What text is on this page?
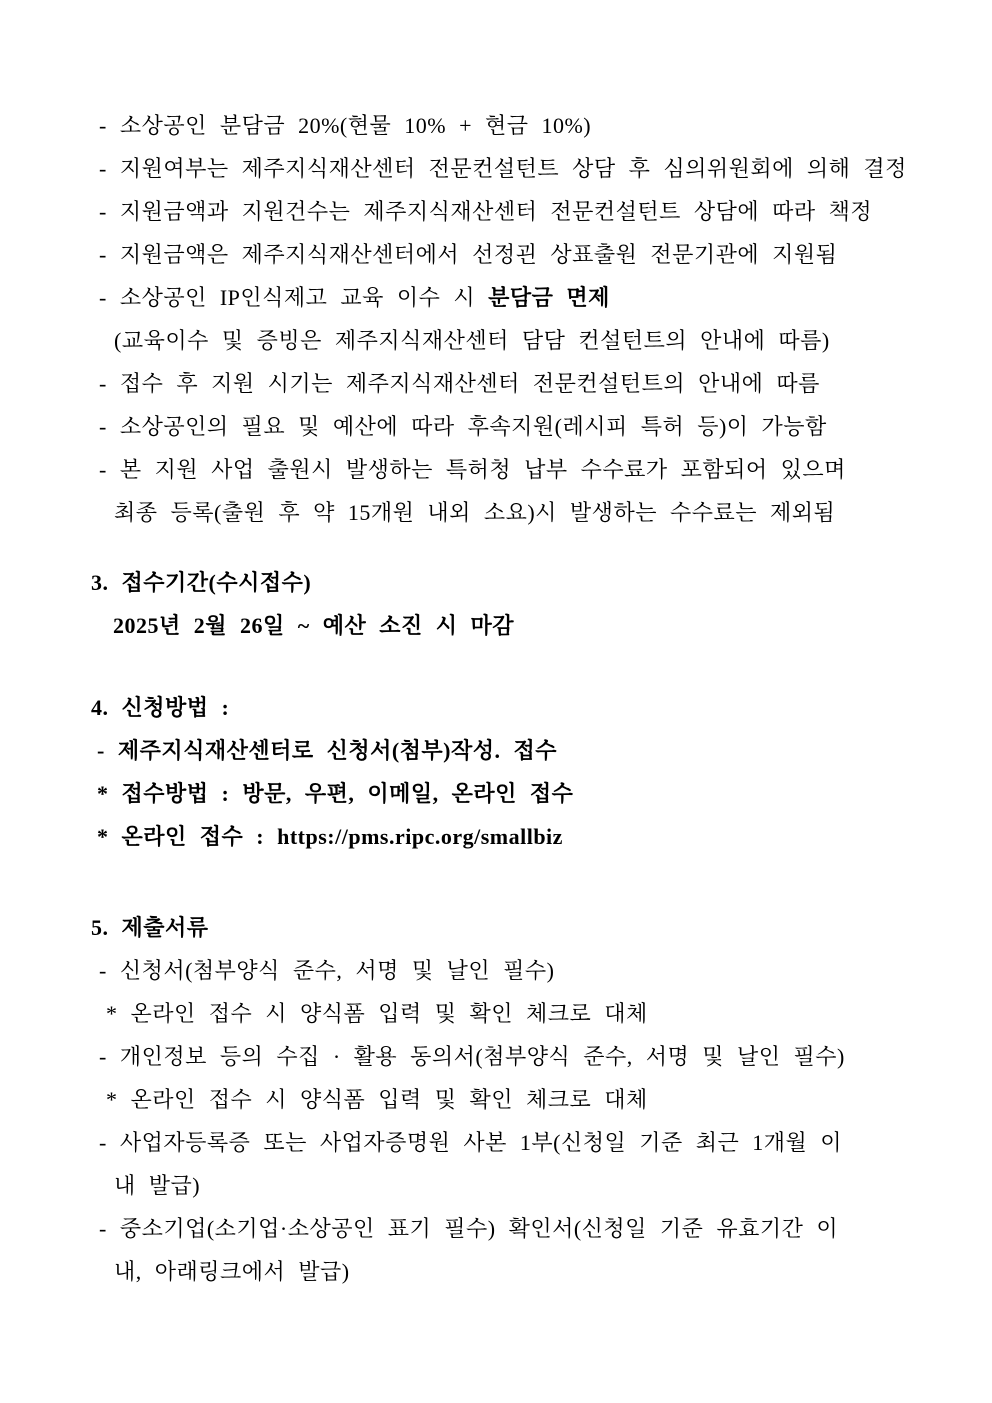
- 소상공인 분담금 20%(현물 10% + 현금 10%)
- 지원여부는 제주지식재산센터 전문컨설턴트 상담 후 심의위원회에 의해 결정
- 지원금액과 지원건수는 제주지식재산센터 전문컨설턴트 상담에 따라 책정
- 지원금액은 제주지식재산센터에서 선정괸 상표출원 전문기관에 지원됨
- 소상공인 IP인식제고 교육 이수 시 분담금 면제
(교육이수 및 증빙은 제주지식재산센터 담담 컨설턴트의 안내에 따름)
- 접수 후 지원 시기는 제주지식재산센터 전문컨설턴트의 안내에 따름
- 소상공인의 필요 및 예산에 따라 후속지원(레시피 특허 등)이 가능함
- 본 지원 사업 출원시 발생하는 특허청 납부 수수료가 포함되어 있으며
최종 등록(출원 후 약 15개원 내외 소요)시 발생하는 수수료는 제외됨
3. 접수기간(수시접수)
2025년 2월 26일 ~ 예산 소진 시 마감
4. 신청방법 :
- 제주지식재산센터로 신청서(첨부)작성. 접수
* 접수방법 : 방문, 우편, 이메일, 온라인 접수
* 온라인 접수 : https://pms.ripc.org/smallbiz
5. 제출서류
- 신청서(첨부양식 준수, 서명 및 날인 필수)
* 온라인 접수 시 양식폼 입력 및 확인 체크로 대체
- 개인정보 등의 수집 · 활용 동의서(첨부양식 준수, 서명 및 날인 필수)
* 온라인 접수 시 양식폼 입력 및 확인 체크로 대체
- 사업자등록증 또는 사업자증명원 사본 1부(신청일 기준 최근 1개월 이
내 발급)
- 중소기업(소기업·소상공인 표기 필수) 확인서(신청일 기준 유효기간 이
내, 아래링크에서 발급)
